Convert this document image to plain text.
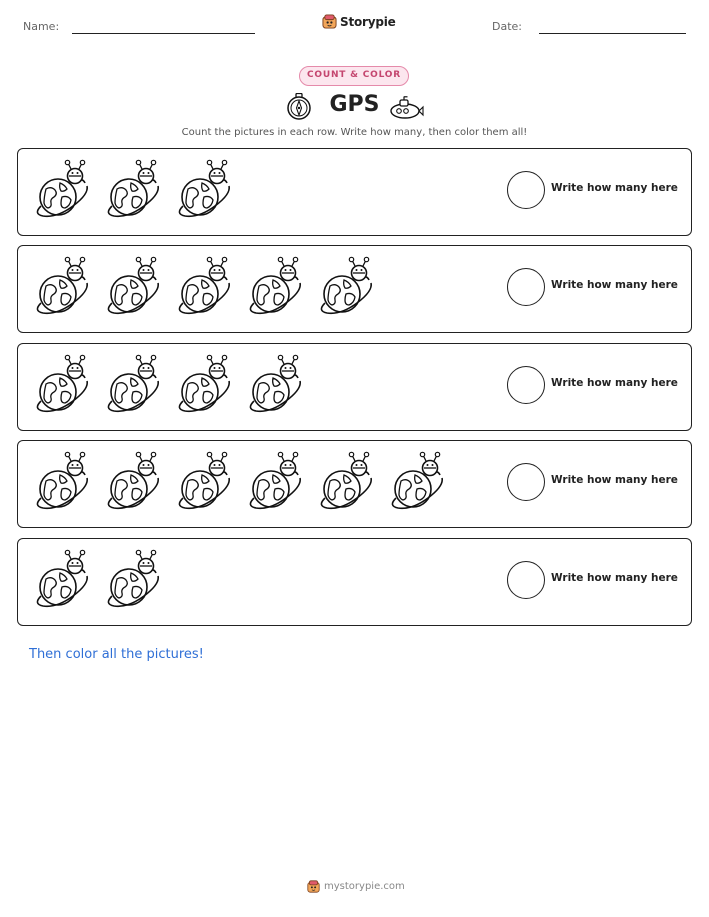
Name:	Storypie	Date:
COUNT & COLOR
GPS
Count the pictures in each row. Write how many, then color them all!
Write how many here
Write how many here
Write how many here
Write how many here
Write how many here
Then color all the pictures!
mystorypie.com
